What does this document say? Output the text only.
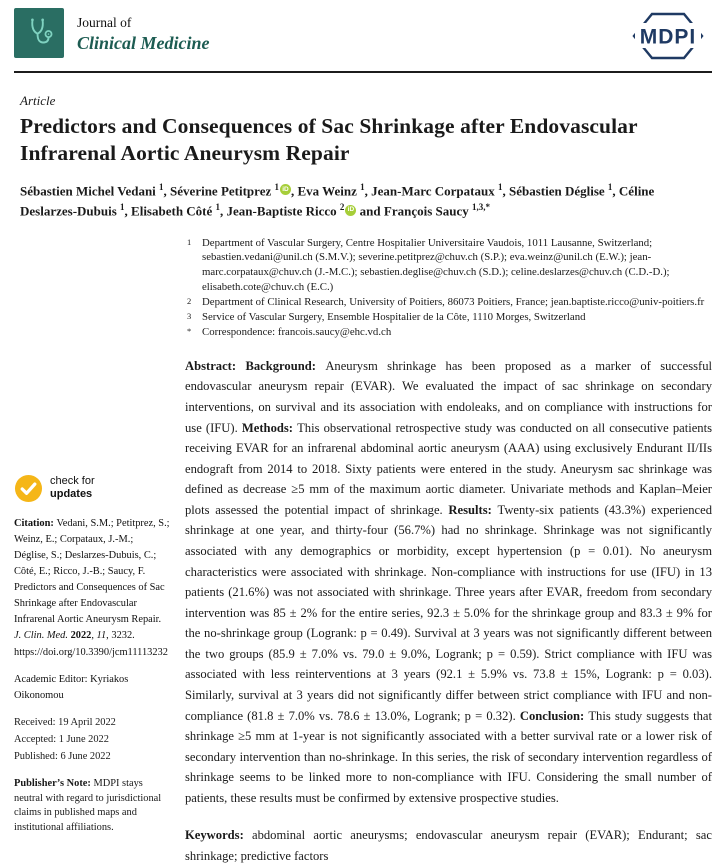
Journal of
Clinical Medicine	MDPI
Article
Predictors and Consequences of Sac Shrinkage after Endovascular Infrarenal Aortic Aneurysm Repair

Sébastien Michel Vedani $^1$, Séverine Petitprez $^1$ iD , Eva Weinz $^1$, Jean-Marc Corpataux $^1$, Sébastien Déglise $^1$, Céline Deslarzes-Dubuis $^1$, Elisabeth Côté $^1$, Jean-Baptiste Ricco $^2$ iD and François Saucy $^{1,3,*}$

check for
updates

Citation: Vedani, S.M.; Petitprez, S.; Weinz, E.; Corpataux, J.-M.; Déglise, S.; Deslarzes-Dubuis, C.; Côté, E.; Ricco, J.-B.; Saucy, F. Predictors and Consequences of Sac Shrinkage after Endovascular Infrarenal Aortic Aneurysm Repair. J. Clin. Med. 2022, 11, 3232. https://doi.org/10.3390/jcm11113232

Academic Editor: Kyriakos Oikonomou

Received: 19 April 2022
Accepted: 1 June 2022
Published: 6 June 2022

Publisher’s Note: MDPI stays neutral with regard to jurisdictional claims in published maps and institutional affiliations.

1 Department of Vascular Surgery, Centre Hospitalier Universitaire Vaudois, 1011 Lausanne, Switzerland; sebastien.vedani@unil.ch (S.M.V.); severine.petitprez@chuv.ch (S.P.); eva.weinz@unil.ch (E.W.); jean-marc.corpataux@chuv.ch (J.-M.C.); sebastien.deglise@chuv.ch (S.D.); celine.deslarzes@chuv.ch (C.D.-D.); elisabeth.cote@chuv.ch (E.C.)
2 Department of Clinical Research, University of Poitiers, 86073 Poitiers, France; jean.baptiste.ricco@univ-poitiers.fr
3 Service of Vascular Surgery, Ensemble Hospitalier de la Côte, 1110 Morges, Switzerland
* Correspondence: francois.saucy@ehc.vd.ch

Abstract: Background: Aneurysm shrinkage has been proposed as a marker of successful endovascular aneurysm repair (EVAR). We evaluated the impact of sac shrinkage on secondary interventions, on survival and its association with endoleaks, and on compliance with instructions for use (IFU). Methods: This observational retrospective study was conducted on all consecutive patients receiving EVAR for an infrarenal abdominal aortic aneurysm (AAA) using exclusively Endurant II/IIs endograft from 2014 to 2018. Sixty patients were entered in the study. Aneurysm sac shrinkage was defined as decrease ≥5 mm of the maximum aortic diameter. Univariate methods and Kaplan–Meier plots assessed the potential impact of shrinkage. Results: Twenty-six patients (43.3%) experienced shrinkage at one year, and thirty-four (56.7%) had no shrinkage. Shrinkage was not significantly associated with any demographics or morbidity, except hypertension (p = 0.01). No aneurysm characteristics were associated with shrinkage. Non-compliance with instructions for use (IFU) in 13 patients (21.6%) was not associated with shrinkage. Three years after EVAR, freedom from secondary intervention was 85 ± 2% for the entire series, 92.3 ± 5.0% for the shrinkage group and 83.3 ± 9% for the no-shrinkage group (Logrank: p = 0.49). Survival at 3 years was not significantly different between the two groups (85.9 ± 7.0% vs. 79.0 ± 9.0%, Logrank; p = 0.59). Strict compliance with IFU was associated with less reinterventions at 3 years (92.1 ± 5.9% vs. 73.8 ± 15%, Logrank: p = 0.03). Similarly, survival at 3 years did not significantly differ between strict compliance with IFU and non-compliance (81.8 ± 7.0% vs. 78.6 ± 13.0%, Logrank; p = 0.32). Conclusion: This study suggests that shrinkage ≥5 mm at 1-year is not significantly associated with a better survival rate or a lower risk of secondary intervention than no-shrinkage. In this series, the risk of secondary intervention regardless of shrinkage seems to be linked more to non-compliance with IFU. Considering the small number of patients, these results must be confirmed by extensive prospective studies.

Keywords: abdominal aortic aneurysms; endovascular aneurysm repair (EVAR); Endurant; sac shrinkage; predictive factors
